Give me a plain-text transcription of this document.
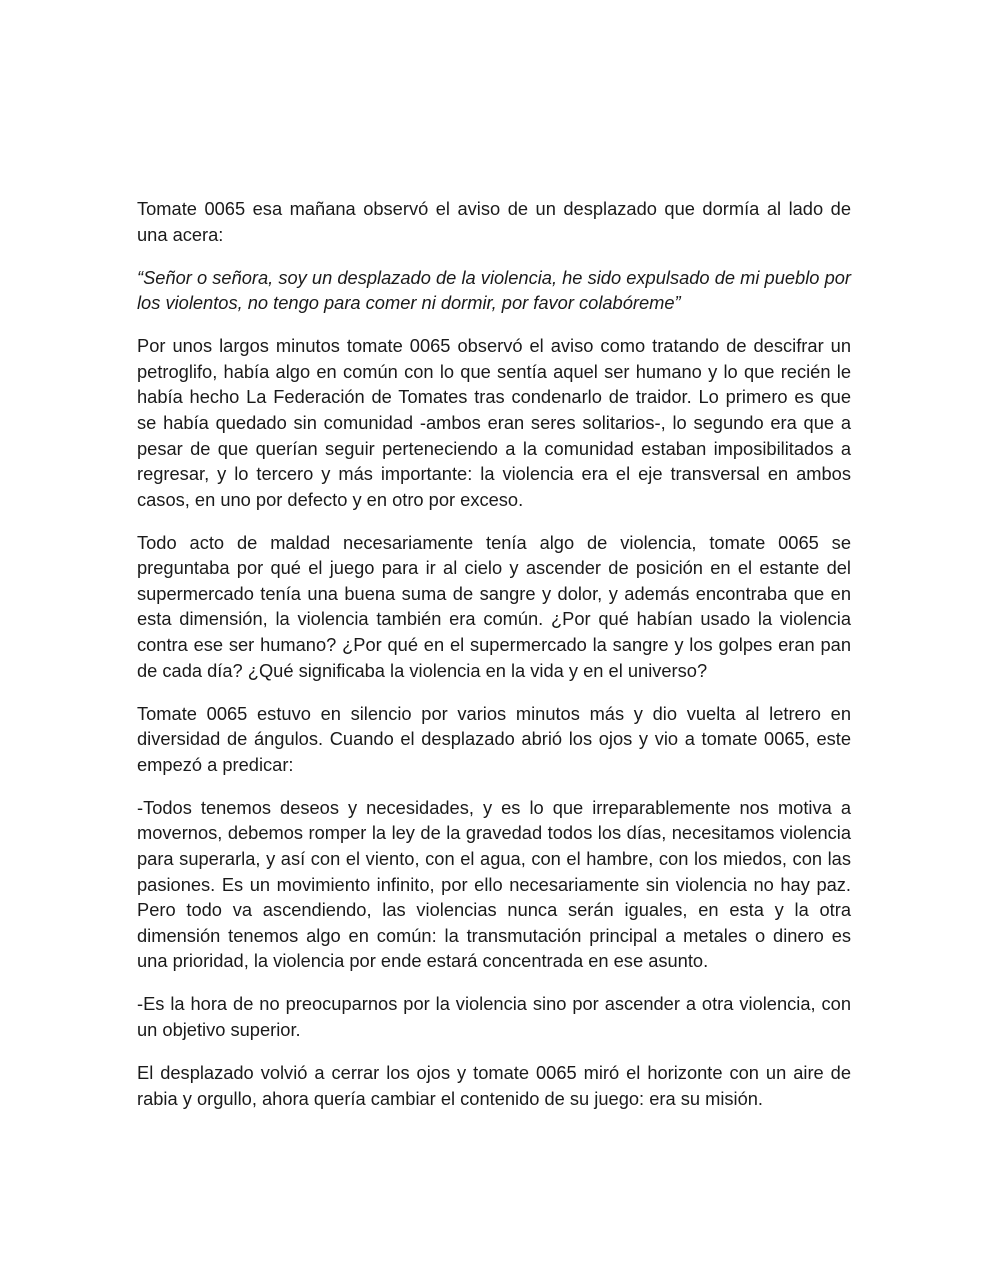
Tomate 0065 esa mañana observó el aviso de un desplazado que dormía al lado de una acera:

“Señor o señora, soy un desplazado de la violencia, he sido expulsado de mi pueblo por los violentos, no tengo para comer ni dormir, por favor colabóreme”

Por unos largos minutos tomate 0065 observó el aviso como tratando de descifrar un petroglifo, había algo en común con lo que sentía aquel ser humano y lo que recién le había hecho La Federación de Tomates tras condenarlo de traidor. Lo primero es que se había quedado sin comunidad -ambos eran seres solitarios-, lo segundo era que a pesar de que querían seguir perteneciendo a la comunidad estaban imposibilitados a regresar, y lo tercero y más importante: la violencia era el eje transversal en ambos casos, en uno por defecto y en otro por exceso.

Todo acto de maldad necesariamente tenía algo de violencia, tomate 0065 se preguntaba por qué el juego para ir al cielo y ascender de posición en el estante del supermercado tenía una buena suma de sangre y dolor, y además encontraba que en esta dimensión, la violencia también era común. ¿Por qué habían usado la violencia contra ese ser humano? ¿Por qué en el supermercado la sangre y los golpes eran pan de cada día? ¿Qué significaba la violencia en la vida y en el universo?

Tomate 0065 estuvo en silencio por varios minutos más y dio vuelta al letrero en diversidad de ángulos. Cuando el desplazado abrió los ojos y vio a tomate 0065, este empezó a predicar:

-Todos tenemos deseos y necesidades, y es lo que irreparablemente nos motiva a movernos, debemos romper la ley de la gravedad todos los días, necesitamos violencia para superarla, y así con el viento, con el agua, con el hambre, con los miedos, con las pasiones. Es un movimiento infinito, por ello necesariamente sin violencia no hay paz. Pero todo va ascendiendo, las violencias nunca serán iguales, en esta y la otra dimensión tenemos algo en común: la transmutación principal a metales o dinero es una prioridad, la violencia por ende estará concentrada en ese asunto.

-Es la hora de no preocuparnos por la violencia sino por ascender a otra violencia, con un objetivo superior.

El desplazado volvió a cerrar los ojos y tomate 0065 miró el horizonte con un aire de rabia y orgullo, ahora quería cambiar el contenido de su juego: era su misión.
